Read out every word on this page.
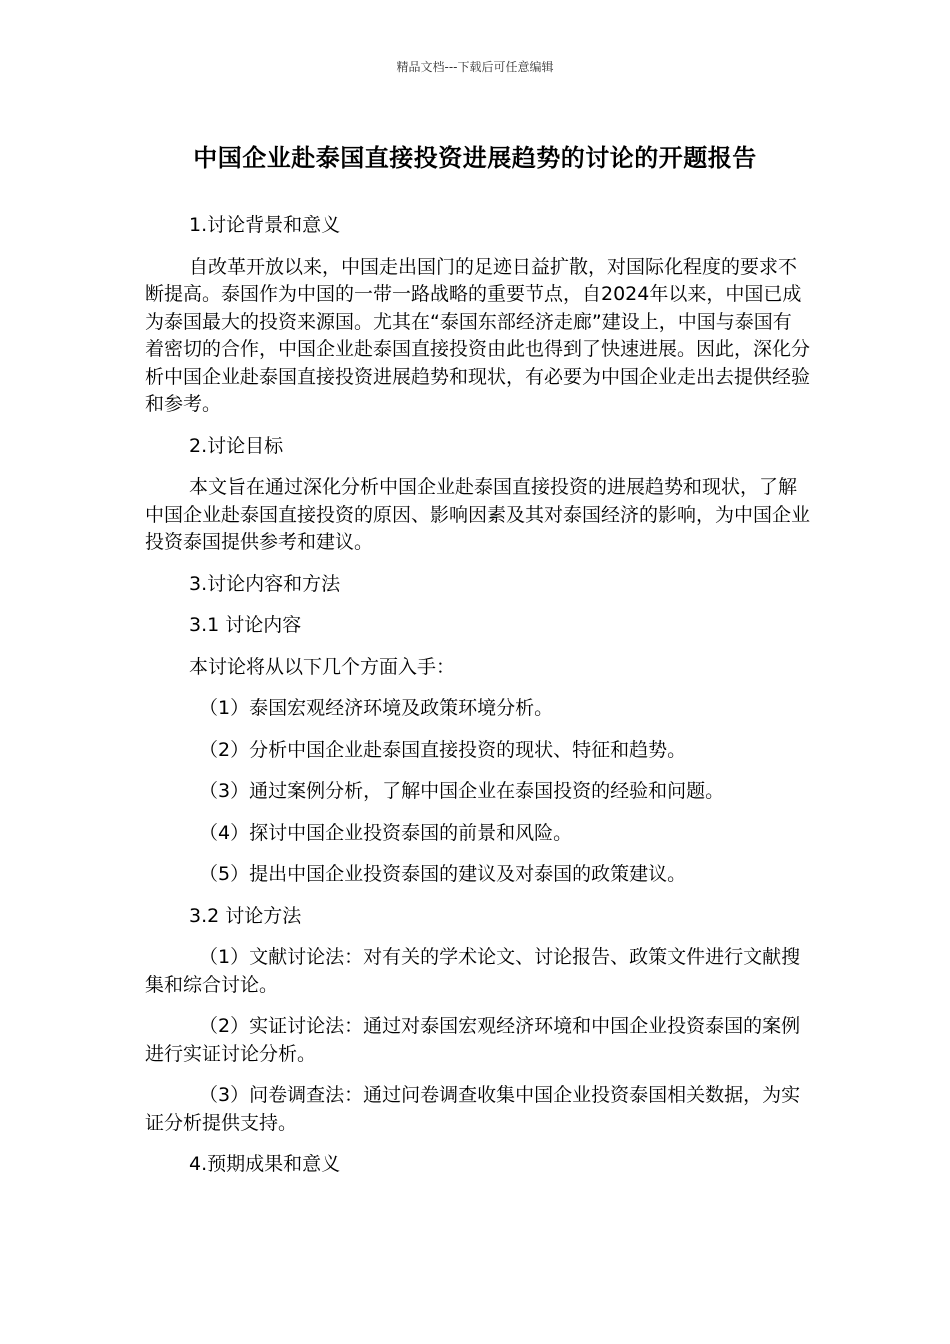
精品文档---下载后可任意编辑
中国企业赴泰国直接投资进展趋势的讨论的开题报告

1.讨论背景和意义

自改革开放以来，中国走出国门的足迹日益扩散，对国际化程度的要求不断提高。泰国作为中国的一带一路战略的重要节点，自2024年以来，中国已成为泰国最大的投资来源国。尤其在“泰国东部经济走廊”建设上，中国与泰国有着密切的合作，中国企业赴泰国直接投资由此也得到了快速进展。因此，深化分析中国企业赴泰国直接投资进展趋势和现状，有必要为中国企业走出去提供经验和参考。

2.讨论目标

本文旨在通过深化分析中国企业赴泰国直接投资的进展趋势和现状，了解中国企业赴泰国直接投资的原因、影响因素及其对泰国经济的影响，为中国企业投资泰国提供参考和建议。

3.讨论内容和方法

3.1 讨论内容

本讨论将从以下几个方面入手：

（1）泰国宏观经济环境及政策环境分析。

（2）分析中国企业赴泰国直接投资的现状、特征和趋势。

（3）通过案例分析，了解中国企业在泰国投资的经验和问题。

（4）探讨中国企业投资泰国的前景和风险。

（5）提出中国企业投资泰国的建议及对泰国的政策建议。

3.2 讨论方法

（1）文献讨论法：对有关的学术论文、讨论报告、政策文件进行文献搜集和综合讨论。

（2）实证讨论法：通过对泰国宏观经济环境和中国企业投资泰国的案例进行实证讨论分析。

（3）问卷调查法：通过问卷调查收集中国企业投资泰国相关数据，为实证分析提供支持。

4.预期成果和意义
